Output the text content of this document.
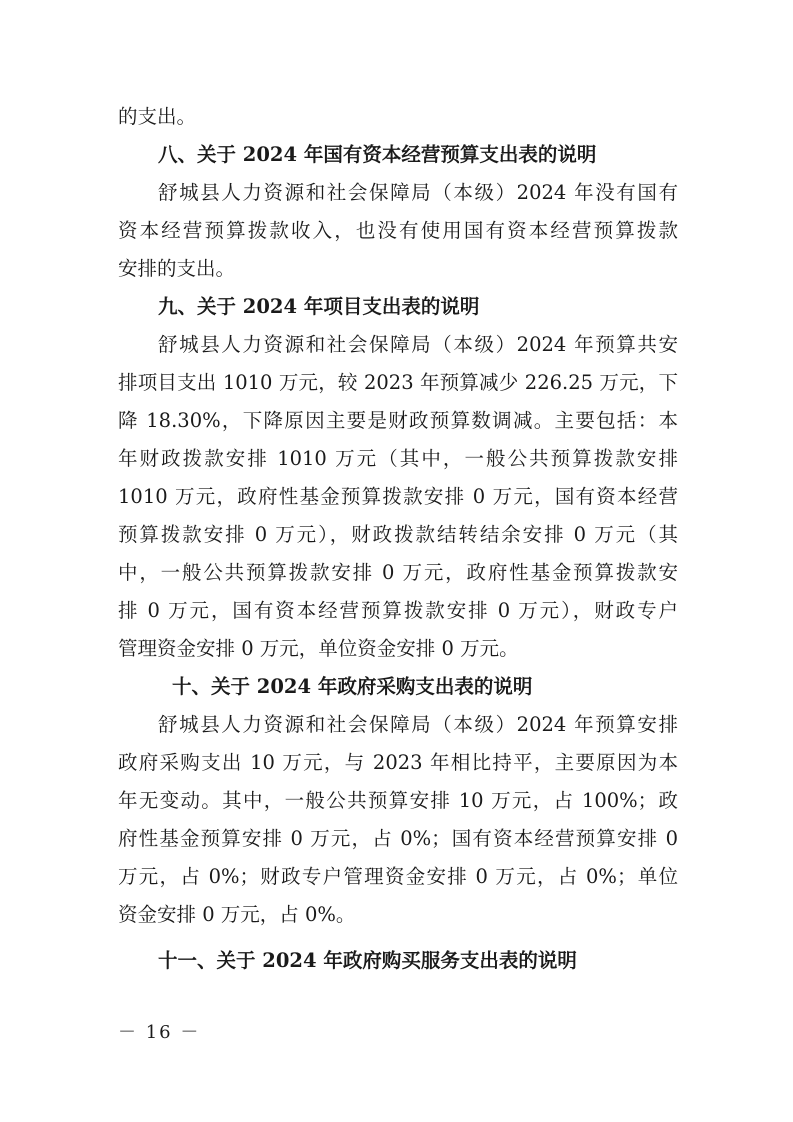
的支出。
八、关于 2024 年国有资本经营预算支出表的说明
舒城县人力资源和社会保障局（本级）2024 年没有国有
资本经营预算拨款收入，也没有使用国有资本经营预算拨款
安排的支出。
九、关于 2024 年项目支出表的说明
舒城县人力资源和社会保障局（本级）2024 年预算共安
排项目支出 1010 万元，较 2023 年预算减少 226.25 万元，下
降 18.30%，下降原因主要是财政预算数调减。主要包括：本
年财政拨款安排 1010 万元（其中，一般公共预算拨款安排
1010 万元，政府性基金预算拨款安排 0 万元，国有资本经营
预算拨款安排 0 万元），财政拨款结转结余安排 0 万元（其
中，一般公共预算拨款安排 0 万元，政府性基金预算拨款安
排 0 万元，国有资本经营预算拨款安排 0 万元），财政专户
管理资金安排 0 万元，单位资金安排 0 万元。
十、关于 2024 年政府采购支出表的说明
舒城县人力资源和社会保障局（本级）2024 年预算安排
政府采购支出 10 万元，与 2023 年相比持平，主要原因为本
年无变动。其中，一般公共预算安排 10 万元，占 100%；政
府性基金预算安排 0 万元，占 0%；国有资本经营预算安排 0
万元，占 0%；财政专户管理资金安排 0 万元，占 0%；单位
资金安排 0 万元，占 0%。
十一、关于 2024 年政府购买服务支出表的说明
－ 16 －
